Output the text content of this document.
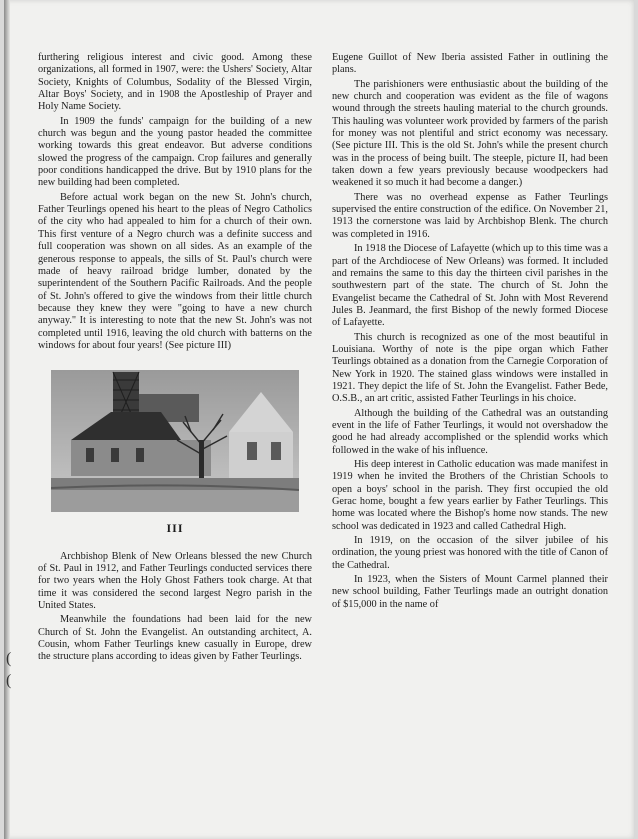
(
(

furthering religious interest and civic good. Among these organizations, all formed in 1907, were: the Ushers' Society, Altar Society, Knights of Columbus, Sodality of the Blessed Virgin, Altar Boys' Society, and in 1908 the Apostleship of Prayer and Holy Name Society.

In 1909 the funds' campaign for the building of a new church was begun and the young pastor headed the committee working towards this great endeavor. But adverse conditions slowed the progress of the campaign. Crop failures and generally poor conditions handicapped the drive. But by 1910 plans for the new building had been completed.

Before actual work began on the new St. John's church, Father Teurlings opened his heart to the pleas of Negro Catholics of the city who had appealed to him for a church of their own. This first venture of a Negro church was a definite success and full cooperation was shown on all sides. As an example of the generous response to appeals, the sills of St. Paul's church were made of heavy railroad bridge lumber, donated by the superintendent of the Southern Pacific Railroads. And the people of St. John's offered to give the windows from their little church because they knew they were "going to have a new church anyway." It is interesting to note that the new St. John's was not completed until 1916, leaving the old church with batterns on the windows for about four years! (See picture III)

III

Archbishop Blenk of New Orleans blessed the new Church of St. Paul in 1912, and Father Teurlings conducted services there for two years when the Holy Ghost Fathers took charge. At that time it was considered the second largest Negro parish in the United States.

Meanwhile the foundations had been laid for the new Church of St. John the Evangelist. An outstanding architect, A. Cousin, whom Father Teurlings knew casually in Europe, drew the structure plans according to ideas given by Father Teurlings.

Eugene Guillot of New Iberia assisted Father in outlining the plans.

The parishioners were enthusiastic about the building of the new church and cooperation was evident as the file of wagons wound through the streets hauling material to the church grounds. This hauling was volunteer work provided by farmers of the parish for money was not plentiful and strict economy was necessary. (See picture III. This is the old St. John's while the present church was in the process of being built. The steeple, picture II, had been taken down a few years previously because woodpeckers had weakened it so much it had become a danger.)

There was no overhead expense as Father Teurlings supervised the entire construction of the edifice. On November 21, 1913 the cornerstone was laid by Archbishop Blenk. The church was completed in 1916.

In 1918 the Diocese of Lafayette (which up to this time was a part of the Archdiocese of New Orleans) was formed. It included and remains the same to this day the thirteen civil parishes in the southwestern part of the state. The church of St. John the Evangelist became the Cathedral of St. John with Most Reverend Jules B. Jeanmard, the first Bishop of the newly formed Diocese of Lafayette.

This church is recognized as one of the most beautiful in Louisiana. Worthy of note is the pipe organ which Father Teurlings obtained as a donation from the Carnegie Corporation of New York in 1920. The stained glass windows were installed in 1921. They depict the life of St. John the Evangelist. Father Bede, O.S.B., an art critic, assisted Father Teurlings in his choice.

Although the building of the Cathedral was an outstanding event in the life of Father Teurlings, it would not overshadow the good he had already accomplished or the splendid works which followed in the wake of his influence.

His deep interest in Catholic education was made manifest in 1919 when he invited the Brothers of the Christian Schools to open a boys' school in the parish. They first occupied the old Gerac home, bought a few years earlier by Father Teurlings. This home was located where the Bishop's home now stands. The new school was dedicated in 1923 and called Cathedral High.

In 1919, on the occasion of the silver jubilee of his ordination, the young priest was honored with the title of Canon of the Cathedral.

In 1923, when the Sisters of Mount Carmel planned their new school building, Father Teurlings made an outright donation of $15,000 in the name of
